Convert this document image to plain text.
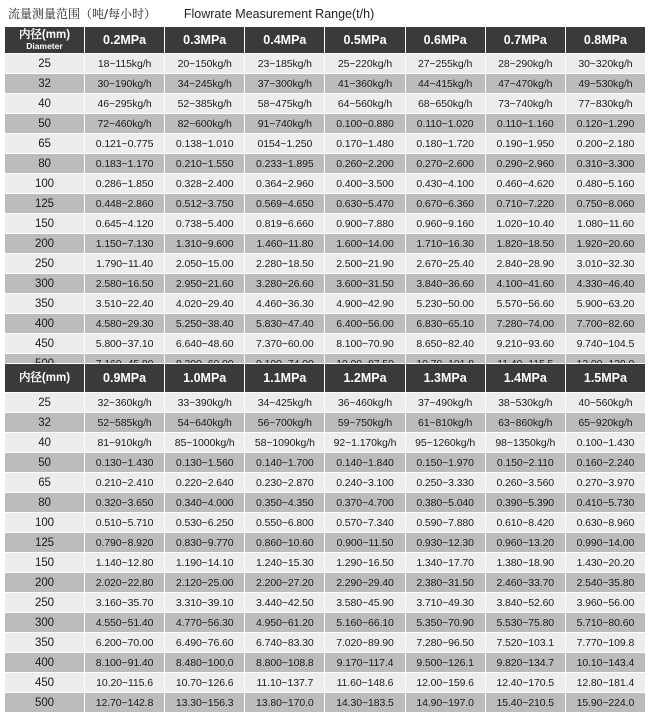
流量测量范围（吨/每小时） Flowrate Measurement Range(t/h)
内径(mm)
Diameter	0.2MPa	0.3MPa	0.4MPa	0.5MPa	0.6MPa	0.7MPa	0.8MPa
25	18~115kg/h	20~150kg/h	23~185kg/h	25~220kg/h	27~255kg/h	28~290kg/h	30~320kg/h
32	30~190kg/h	34~245kg/h	37~300kg/h	41~360kg/h	44~415kg/h	47~470kg/h	49~530kg/h
40	46~295kg/h	52~385kg/h	58~475kg/h	64~560kg/h	68~650kg/h	73~740kg/h	77~830kg/h
50	72~460kg/h	82~600kg/h	91~740kg/h	0.100~0.880	0.110~1.020	0.110~1.160	0.120~1.290
65	0.121~0.775	0.138~1.010	0154~1.250	0.170~1.480	0.180~1.720	0.190~1.950	0.200~2.180
80	0.183~1.170	0.210~1.550	0.233~1.895	0.260~2.200	0.270~2.600	0.290~2.960	0.310~3.300
100	0.286~1.850	0.328~2.400	0.364~2.960	0.400~3.500	0.430~4.100	0.460~4.620	0.480~5.160
125	0.448~2.860	0.512~3.750	0.569~4.650	0.630~5.470	0.670~6.360	0.710~7.220	0.750~8.060
150	0.645~4.120	0.738~5.400	0.819~6.660	0.900~7.880	0.960~9.160	1.020~10.40	1.080~11.60
200	1.150~7.130	1.310~9.600	1.460~11.80	1.600~14.00	1.710~16.30	1.820~18.50	1.920~20.60
250	1.790~11.40	2.050~15.00	2.280~18.50	2.500~21.90	2.670~25.40	2.840~28.90	3.010~32.30
300	2.580~16.50	2.950~21.60	3.280~26.60	3.600~31.50	3.840~36.60	4.100~41.60	4.330~46.40
350	3.510~22.40	4.020~29.40	4.460~36.30	4.900~42.90	5.230~50.00	5.570~56.60	5.900~63.20
400	4.580~29.30	5.250~38.40	5.830~47.40	6.400~56.00	6.830~65.10	7.280~74.00	7.700~82.60
450	5.800~37.10	6.640~48.60	7.370~60.00	8.100~70.90	8.650~82.40	9.210~93.60	9.740~104.5

内径(mm)	0.9MPa	1.0MPa	1.1MPa	1.2MPa	1.3MPa	1.4MPa	1.5MPa
25	32~360kg/h	33~390kg/h	34~425kg/h	36~460kg/h	37~490kg/h	38~530kg/h	40~560kg/h
32	52~585kg/h	54~640kg/h	56~700kg/h	59~750kg/h	61~810kg/h	63~860kg/h	65~920kg/h
40	81~910kg/h	85~1000kg/h	58~1090kg/h	92~1.170kg/h	95~1260kg/h	98~1350kg/h	0.100~1.430
50	0.130~1.430	0.130~1.560	0.140~1.700	0.140~1.840	0.150~1.970	0.150~2.110	0.160~2.240
65	0.210~2.410	0.220~2.640	0.230~2.870	0.240~3.100	0.250~3.330	0.260~3.560	0.270~3.970
80	0.320~3.650	0.340~4.000	0.350~4.350	0.370~4.700	0.380~5.040	0.390~5.390	0.410~5.730
100	0.510~5.710	0.530~6.250	0.550~6.800	0.570~7.340	0.590~7.880	0.610~8.420	0.630~8.960
125	0.790~8.920	0.830~9.770	0.860~10.60	0.900~11.50	0.930~12.30	0.960~13.20	0.990~14.00
150	1.140~12.80	1.190~14.10	1.240~15.30	1.290~16.50	1.340~17.70	1.380~18.90	1.430~20.20
200	2.020~22.80	2.120~25.00	2.200~27.20	2.290~29.40	2.380~31.50	2.460~33.70	2.540~35.80
250	3.160~35.70	3.310~39.10	3.440~42.50	3.580~45.90	3.710~49.30	3.840~52.60	3.960~56.00
300	4.550~51.40	4.770~56.30	4.950~61.20	5.160~66.10	5.350~70.90	5.530~75.80	5.710~80.60
350	6.200~70.00	6.490~76.60	6.740~83.30	7.020~89.90	7.280~96.50	7.520~103.1	7.770~109.8
400	8.100~91.40	8.480~100.0	8.800~108.8	9.170~117.4	9.500~126.1	9.820~134.7	10.10~143.4
450	10.20~115.6	10.70~126.6	11.10~137.7	11.60~148.6	12.00~159.6	12.40~170.5	12.80~181.4
500	12.70~142.8	13.30~156.3	13.80~170.0	14.30~183.5	14.90~197.0	15.40~210.5	15.90~224.0
